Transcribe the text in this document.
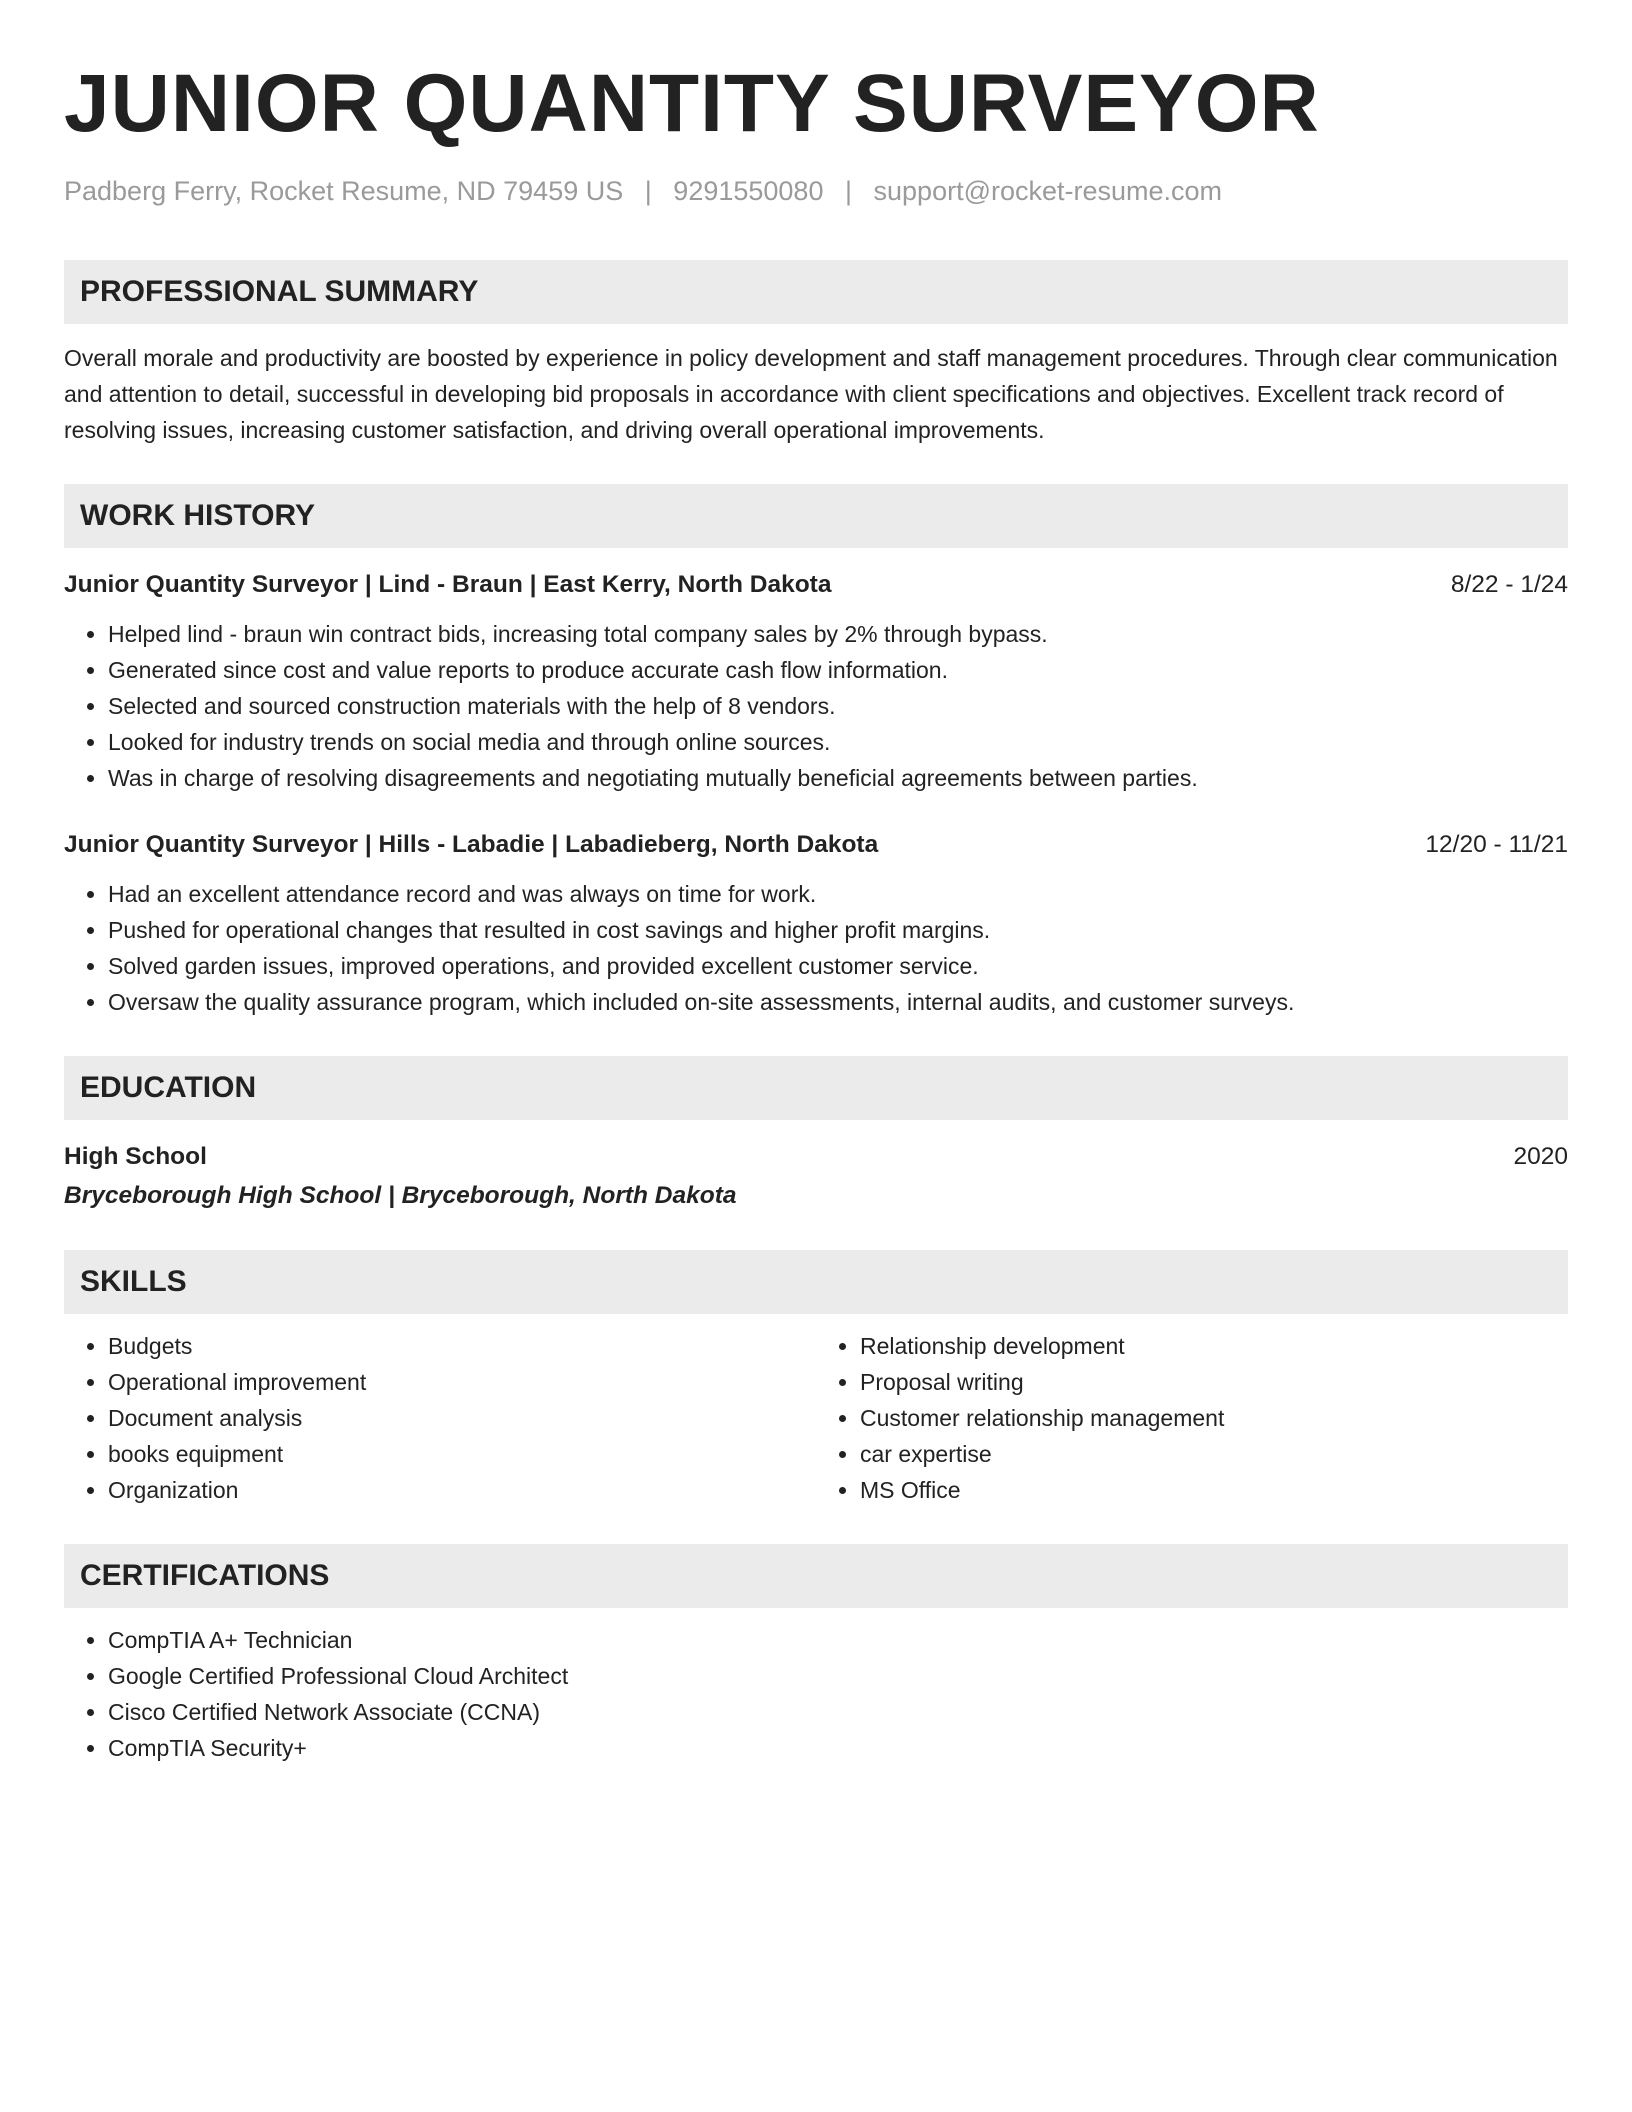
JUNIOR QUANTITY SURVEYOR
Padberg Ferry, Rocket Resume, ND 79459 US | 9291550080 | support@rocket-resume.com
PROFESSIONAL SUMMARY
Overall morale and productivity are boosted by experience in policy development and staff management procedures. Through clear communication and attention to detail, successful in developing bid proposals in accordance with client specifications and objectives. Excellent track record of resolving issues, increasing customer satisfaction, and driving overall operational improvements.
WORK HISTORY
Junior Quantity Surveyor | Lind - Braun | East Kerry, North Dakota	8/22 - 1/24
• Helped lind - braun win contract bids, increasing total company sales by 2% through bypass.
• Generated since cost and value reports to produce accurate cash flow information.
• Selected and sourced construction materials with the help of 8 vendors.
• Looked for industry trends on social media and through online sources.
• Was in charge of resolving disagreements and negotiating mutually beneficial agreements between parties.
Junior Quantity Surveyor | Hills - Labadie | Labadieberg, North Dakota	12/20 - 11/21
• Had an excellent attendance record and was always on time for work.
• Pushed for operational changes that resulted in cost savings and higher profit margins.
• Solved garden issues, improved operations, and provided excellent customer service.
• Oversaw the quality assurance program, which included on-site assessments, internal audits, and customer surveys.
EDUCATION
High School	2020
Bryceborough High School | Bryceborough, North Dakota
SKILLS
• Budgets
• Operational improvement
• Document analysis
• books equipment
• Organization
• Relationship development
• Proposal writing
• Customer relationship management
• car expertise
• MS Office
CERTIFICATIONS
• CompTIA A+ Technician
• Google Certified Professional Cloud Architect
• Cisco Certified Network Associate (CCNA)
• CompTIA Security+
